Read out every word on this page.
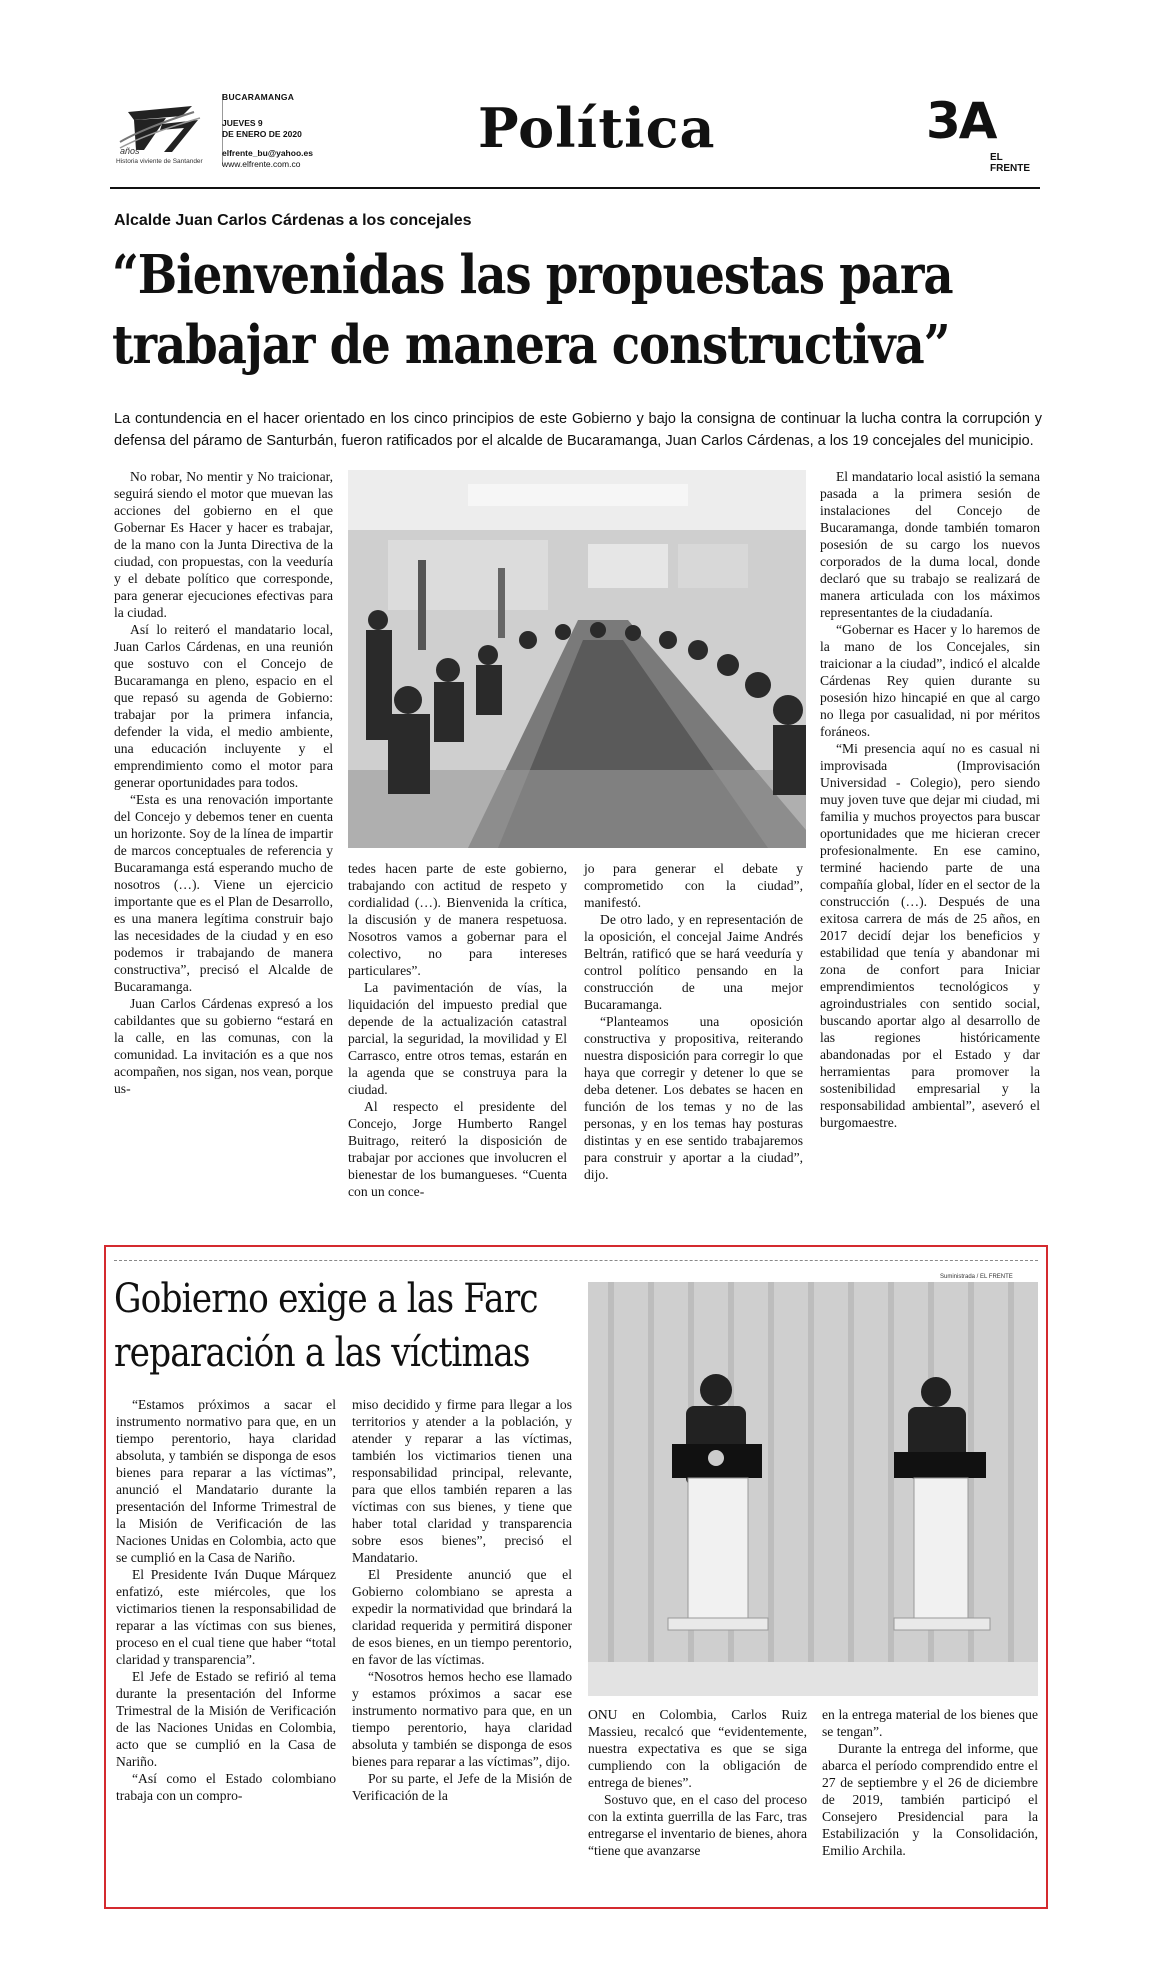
años
Historia viviente de Santander
BUCARAMANGA
JUEVES 9
DE ENERO DE 2020
elfrente_bu@yahoo.es
www.elfrente.com.co
Política	3A
EL FRENTE
Alcalde Juan Carlos Cárdenas a los concejales
“Bienvenidas las propuestas para
trabajar de manera constructiva”
La contundencia en el hacer orientado en los cinco principios de este Gobierno y bajo la consigna de continuar la lucha contra la corrupción y defensa del páramo de Santurbán, fueron ratificados por el alcalde de Bucaramanga, Juan Carlos Cárdenas, a los 19 concejales del municipio.

No robar, No mentir y No traicionar, seguirá siendo el motor que muevan las acciones del gobierno en el que Gobernar Es Hacer y hacer es trabajar, de la mano con la Junta Directiva de la ciudad, con propuestas, con la veeduría y el debate político que corresponde, para generar ejecuciones efectivas para la ciudad.

Así lo reiteró el mandatario local, Juan Carlos Cárdenas, en una reunión que sostuvo con el Concejo de Bucaramanga en pleno, espacio en el que repasó su agenda de Gobierno: trabajar por la primera infancia, defender la vida, el medio ambiente, una educación incluyente y el emprendimiento como el motor para generar oportunidades para todos.

“Esta es una renovación importante del Concejo y debemos tener en cuenta un horizonte. Soy de la línea de impartir de marcos conceptuales de referencia y Bucaramanga está esperando mucho de nosotros (…). Viene un ejercicio importante que es el Plan de Desarrollo, es una manera legítima construir bajo las necesidades de la ciudad y en eso podemos ir trabajando de manera constructiva”, precisó el Alcalde de Bucaramanga.

Juan Carlos Cárdenas expresó a los cabildantes que su gobierno “estará en la calle, en las comunas, con la comunidad. La invitación es a que nos acompañen, nos sigan, nos vean, porque us-

tedes hacen parte de este gobierno, trabajando con actitud de respeto y cordialidad (…). Bienvenida la crítica, la discusión y de manera respetuosa. Nosotros vamos a gobernar para el colectivo, no para intereses particulares”.

La pavimentación de vías, la liquidación del impuesto predial que depende de la actualización catastral parcial, la seguridad, la movilidad y El Carrasco, entre otros temas, estarán en la agenda que se construya para la ciudad.

Al respecto el presidente del Concejo, Jorge Humberto Rangel Buitrago, reiteró la disposición de trabajar por acciones que involucren el bienestar de los bumangueses. “Cuenta con un conce-

jo para generar el debate y comprometido con la ciudad”, manifestó.

De otro lado, y en representación de la oposición, el concejal Jaime Andrés Beltrán, ratificó que se hará veeduría y control político pensando en la construcción de una mejor Bucaramanga.

“Planteamos una oposición constructiva y propositiva, reiterando nuestra disposición para corregir lo que haya que corregir y detener lo que se deba detener. Los debates se hacen en función de los temas y no de las personas, y en los temas hay posturas distintas y en ese sentido trabajaremos para construir y aportar a la ciudad”, dijo.

El mandatario local asistió la semana pasada a la primera sesión de instalaciones del Concejo de Bucaramanga, donde también tomaron posesión de su cargo los nuevos corporados de la duma local, donde declaró que su trabajo se realizará de manera articulada con los máximos representantes de la ciudadanía.

“Gobernar es Hacer y lo haremos de la mano de los Concejales, sin traicionar a la ciudad”, indicó el alcalde Cárdenas Rey quien durante su posesión hizo hincapié en que al cargo no llega por casualidad, ni por méritos foráneos.

“Mi presencia aquí no es casual ni improvisada (Improvisación Universidad - Colegio), pero siendo muy joven tuve que dejar mi ciudad, mi familia y muchos proyectos para buscar oportunidades que me hicieran crecer profesionalmente. En ese camino, terminé haciendo parte de una compañía global, líder en el sector de la construcción (…). Después de una exitosa carrera de más de 25 años, en 2017 decidí dejar los beneficios y estabilidad que tenía y abandonar mi zona de confort para Iniciar emprendimientos tecnológicos y agroindustriales con sentido social, buscando aportar algo al desarrollo de las regiones históricamente abandonadas por el Estado y dar herramientas para promover la sostenibilidad empresarial y la responsabilidad ambiental”, aseveró el burgomaestre.

Gobierno exige a las Farc
reparación a las víctimas

“Estamos próximos a sacar el instrumento normativo para que, en un tiempo perentorio, haya claridad absoluta, y también se disponga de esos bienes para reparar a las víctimas”, anunció el Mandatario durante la presentación del Informe Trimestral de la Misión de Verificación de las Naciones Unidas en Colombia, acto que se cumplió en la Casa de Nariño.

El Presidente Iván Duque Márquez enfatizó, este miércoles, que los victimarios tienen la responsabilidad de reparar a las víctimas con sus bienes, proceso en el cual tiene que haber “total claridad y transparencia”.

El Jefe de Estado se refirió al tema durante la presentación del Informe Trimestral de la Misión de Verificación de las Naciones Unidas en Colombia, acto que se cumplió en la Casa de Nariño.

“Así como el Estado colombiano trabaja con un compro-

miso decidido y firme para llegar a los territorios y atender a la población, y atender y reparar a las víctimas, también los victimarios tienen una responsabilidad principal, relevante, para que ellos también reparen a las víctimas con sus bienes, y tiene que haber total claridad y transparencia sobre esos bienes”, precisó el Mandatario.

El Presidente anunció que el Gobierno colombiano se apresta a expedir la normatividad que brindará la claridad requerida y permitirá disponer de esos bienes, en un tiempo perentorio, en favor de las víctimas.

“Nosotros hemos hecho ese llamado y estamos próximos a sacar ese instrumento normativo para que, en un tiempo perentorio, haya claridad absoluta y también se disponga de esos bienes para reparar a las víctimas”, dijo.

Por su parte, el Jefe de la Misión de Verificación de la

Suministrada / EL FRENTE

ONU en Colombia, Carlos Ruiz Massieu, recalcó que “evidentemente, nuestra expectativa es que se siga cumpliendo con la obligación de entrega de bienes”.

Sostuvo que, en el caso del proceso con la extinta guerrilla de las Farc, tras entregarse el inventario de bienes, ahora “tiene que avanzarse

en la entrega material de los bienes que se tengan”.

Durante la entrega del informe, que abarca el período comprendido entre el 27 de septiembre y el 26 de diciembre de 2019, también participó el Consejero Presidencial para la Estabilización y la Consolidación, Emilio Archila.
